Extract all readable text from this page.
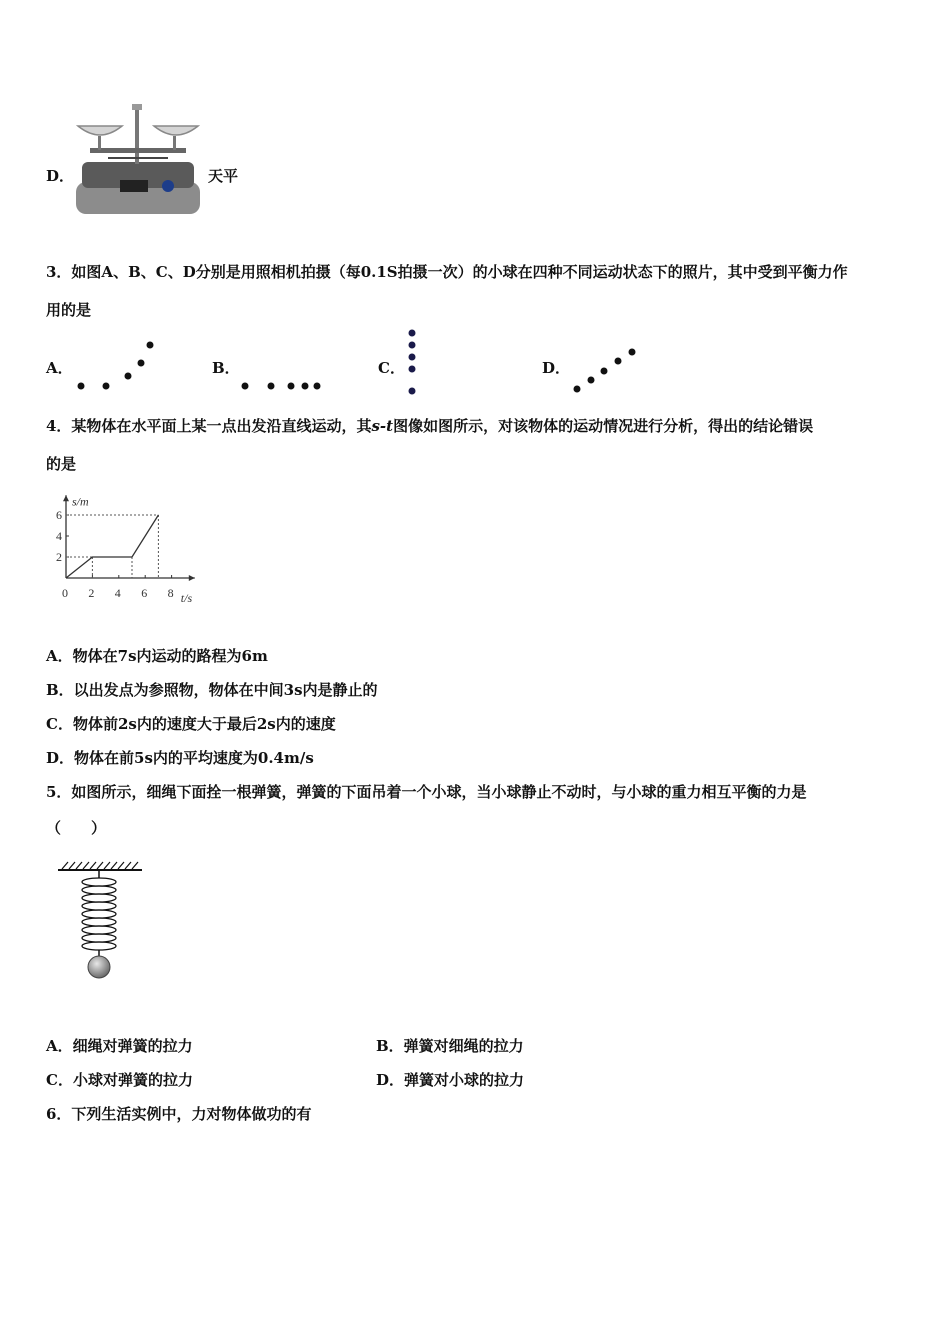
D．	天平
3．如图A、B、C、D分别是用照相机拍摄（每0.1S拍摄一次）的小球在四种不同运动状态下的照片，其中受到平衡力作
用的是
A．	B．	C．	D．
4．某物体在水平面上某一点出发沿直线运动，其s-t图像如图所示，对该物体的运动情况进行分析，得出的结论错误
的是
s/m
t/s
0 2 4 6 8
2
4
6
A．物体在7s内运动的路程为6m
B．以出发点为参照物，物体在中间3s内是静止的
C．物体前2s内的速度大于最后2s内的速度
D．物体在前5s内的平均速度为0.4m/s
5．如图所示，细绳下面拴一根弹簧，弹簧的下面吊着一个小球，当小球静止不动时，与小球的重力相互平衡的力是
（　　）
A．细绳对弹簧的拉力	B．弹簧对细绳的拉力
C．小球对弹簧的拉力	D．弹簧对小球的拉力
6．下列生活实例中，力对物体做功的有
